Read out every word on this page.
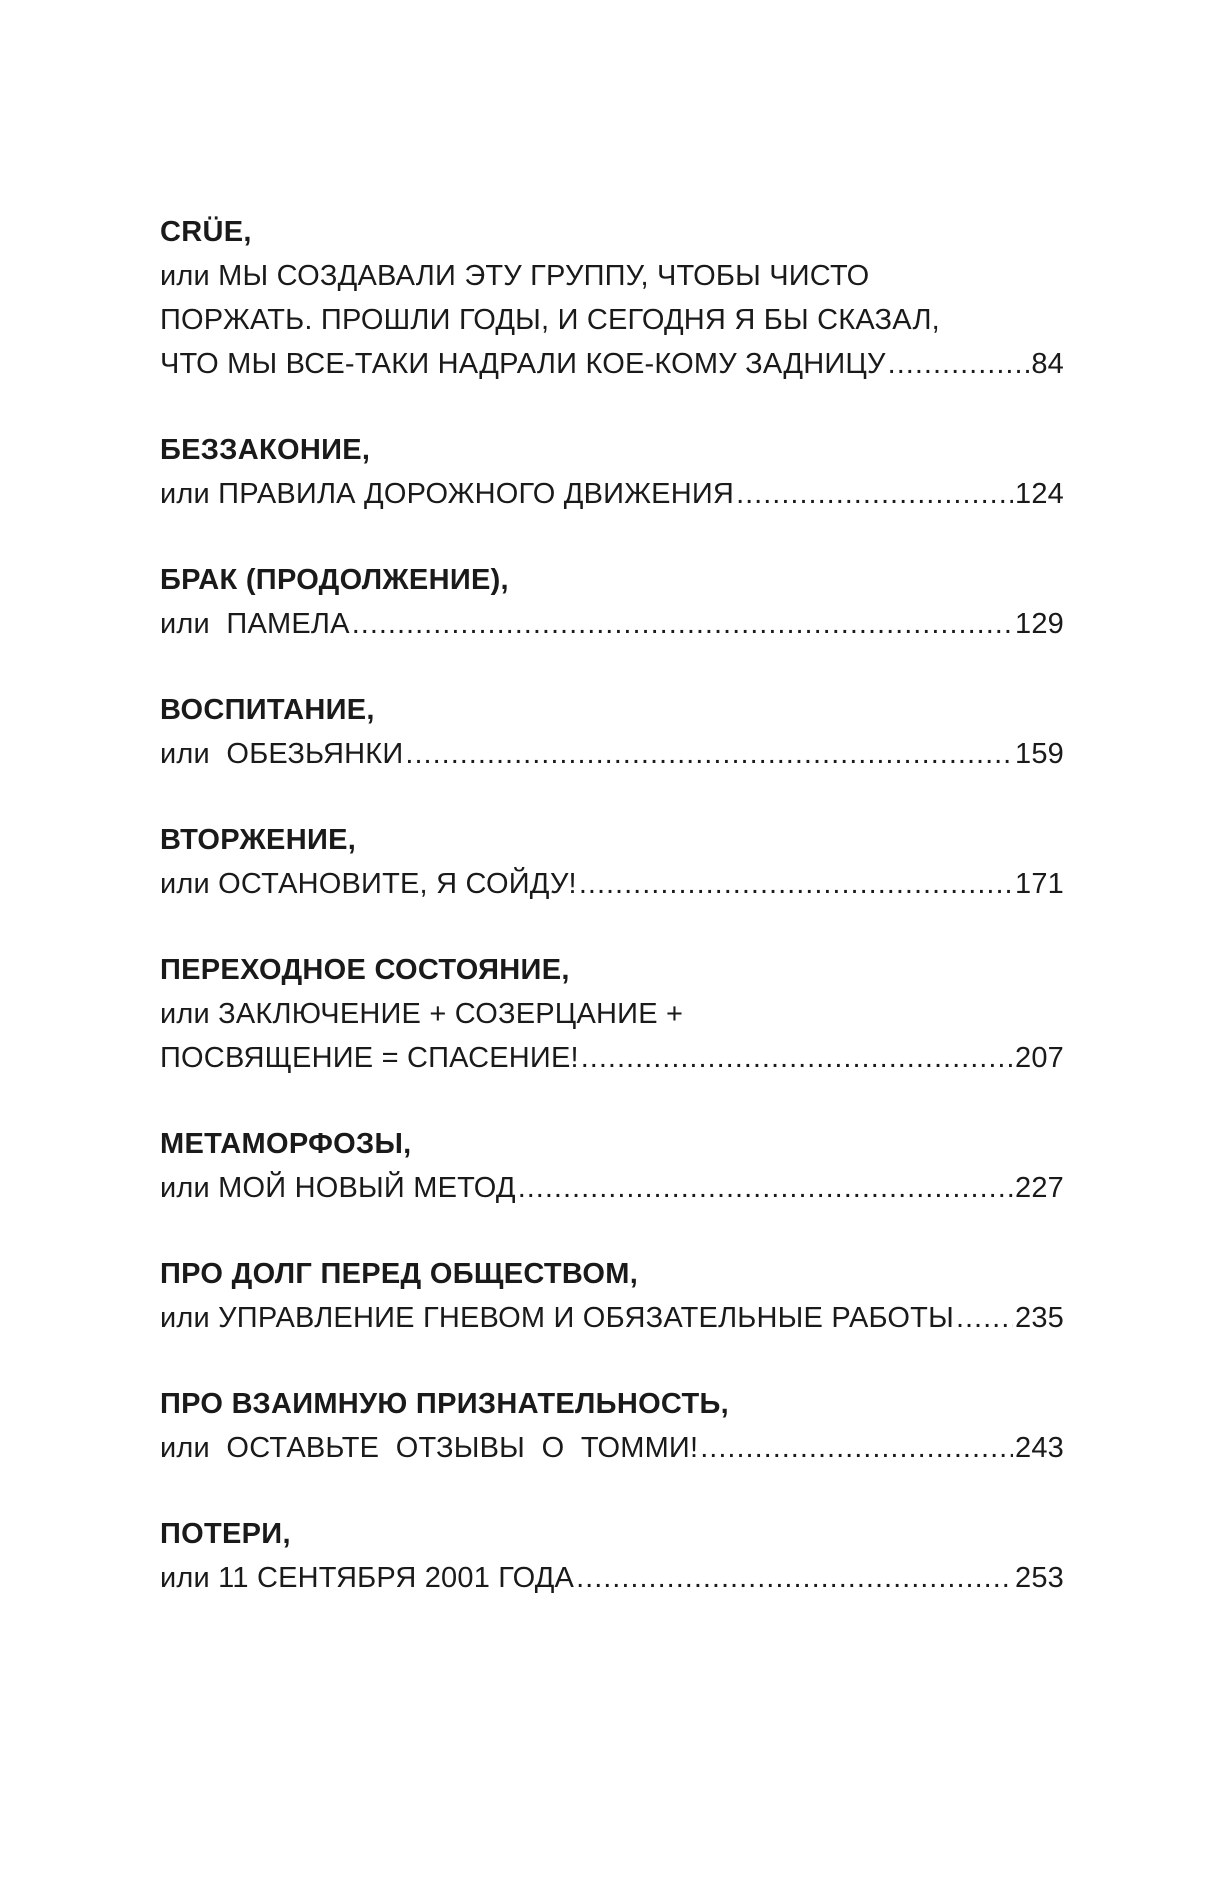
CRÜE,
или МЫ СОЗДАВАЛИ ЭТУ ГРУППУ, ЧТОБЫ ЧИСТО
ПОРЖАТЬ. ПРОШЛИ ГОДЫ, И СЕГОДНЯ Я БЫ СКАЗАЛ,
ЧТО МЫ ВСЕ-ТАКИ НАДРАЛИ КОЕ-КОМУ ЗАДНИЦУ .....	84
БЕЗЗАКОНИЕ,
или ПРАВИЛА ДОРОЖНОГО ДВИЖЕНИЯ .....	124
БРАК (ПРОДОЛЖЕНИЕ),
или  ПАМЕЛА .....	129
ВОСПИТАНИЕ,
или  ОБЕЗЬЯНКИ .....	159
ВТОРЖЕНИЕ,
или ОСТАНОВИТЕ, Я СОЙДУ! .....	171
ПЕРЕХОДНОЕ СОСТОЯНИЕ,
или ЗАКЛЮЧЕНИЕ + СОЗЕРЦАНИЕ +
ПОСВЯЩЕНИЕ = СПАСЕНИЕ! .....	207
МЕТАМОРФОЗЫ,
или МОЙ НОВЫЙ МЕТОД .....	227
ПРО ДОЛГ ПЕРЕД ОБЩЕСТВОМ,
или УПРАВЛЕНИЕ ГНЕВОМ И ОБЯЗАТЕЛЬНЫЕ РАБОТЫ ..... 235
ПРО ВЗАИМНУЮ ПРИЗНАТЕЛЬНОСТЬ,
или  ОСТАВЬТЕ  ОТЗЫВЫ  О  ТОММИ! .....	243
ПОТЕРИ,
или 11 СЕНТЯБРЯ 2001 ГОДА .....	253
